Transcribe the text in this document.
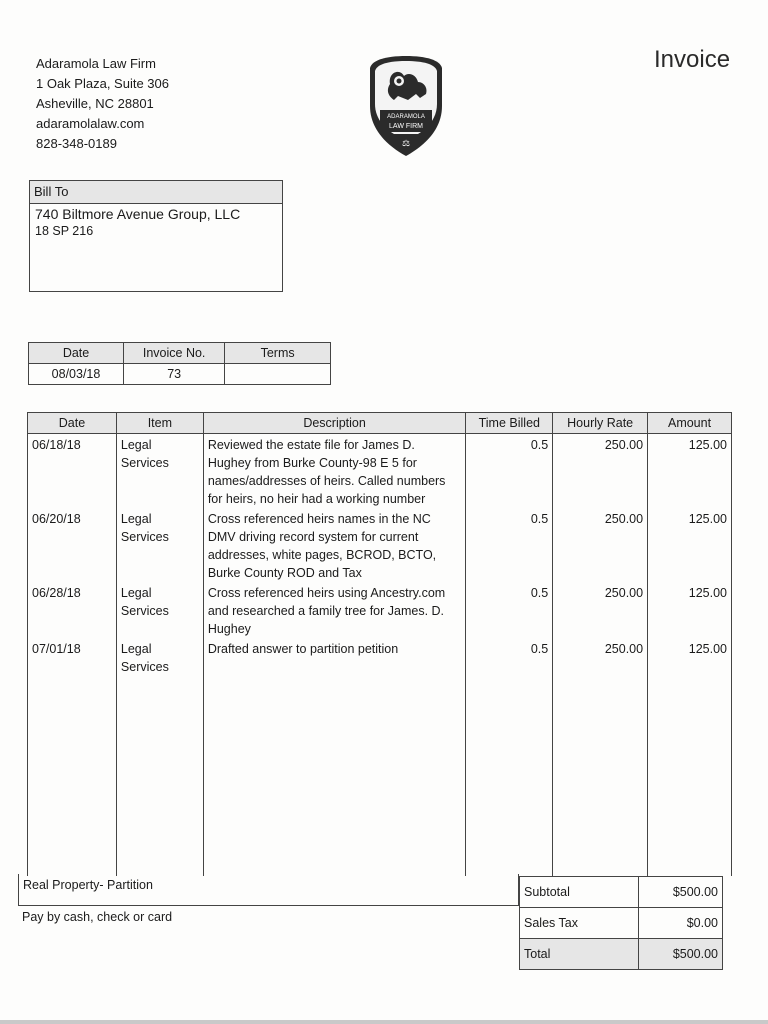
Adaramola Law Firm
1 Oak Plaza, Suite 306
Asheville, NC 28801
adaramolalaw.com
828-348-0189
ADARAMOLA
LAW FIRM
⚖
Invoice
Bill To
740 Biltmore Avenue Group, LLC
18 SP 216
Date	Invoice No.	Terms
08/03/18	73	
Date	Item	Description	Time Billed	Hourly Rate	Amount
06/18/18	Legal Services	Reviewed the estate file for James D. Hughey from Burke County-98 E 5 for names/addresses of heirs. Called numbers for heirs, no heir had a working number	0.5	250.00	125.00
06/20/18	Legal Services	Cross referenced heirs names in the NC DMV driving record system for current addresses, white pages, BCROD, BCTO, Burke County ROD and Tax	0.5	250.00	125.00
06/28/18	Legal Services	Cross referenced heirs using Ancestry.com and researched a family tree for James. D. Hughey	0.5	250.00	125.00
07/01/18	Legal Services	Drafted answer to partition petition	0.5	250.00	125.00

Real Property- Partition
Pay by cash, check or card
Subtotal	$500.00
Sales Tax	$0.00
Total	$500.00
